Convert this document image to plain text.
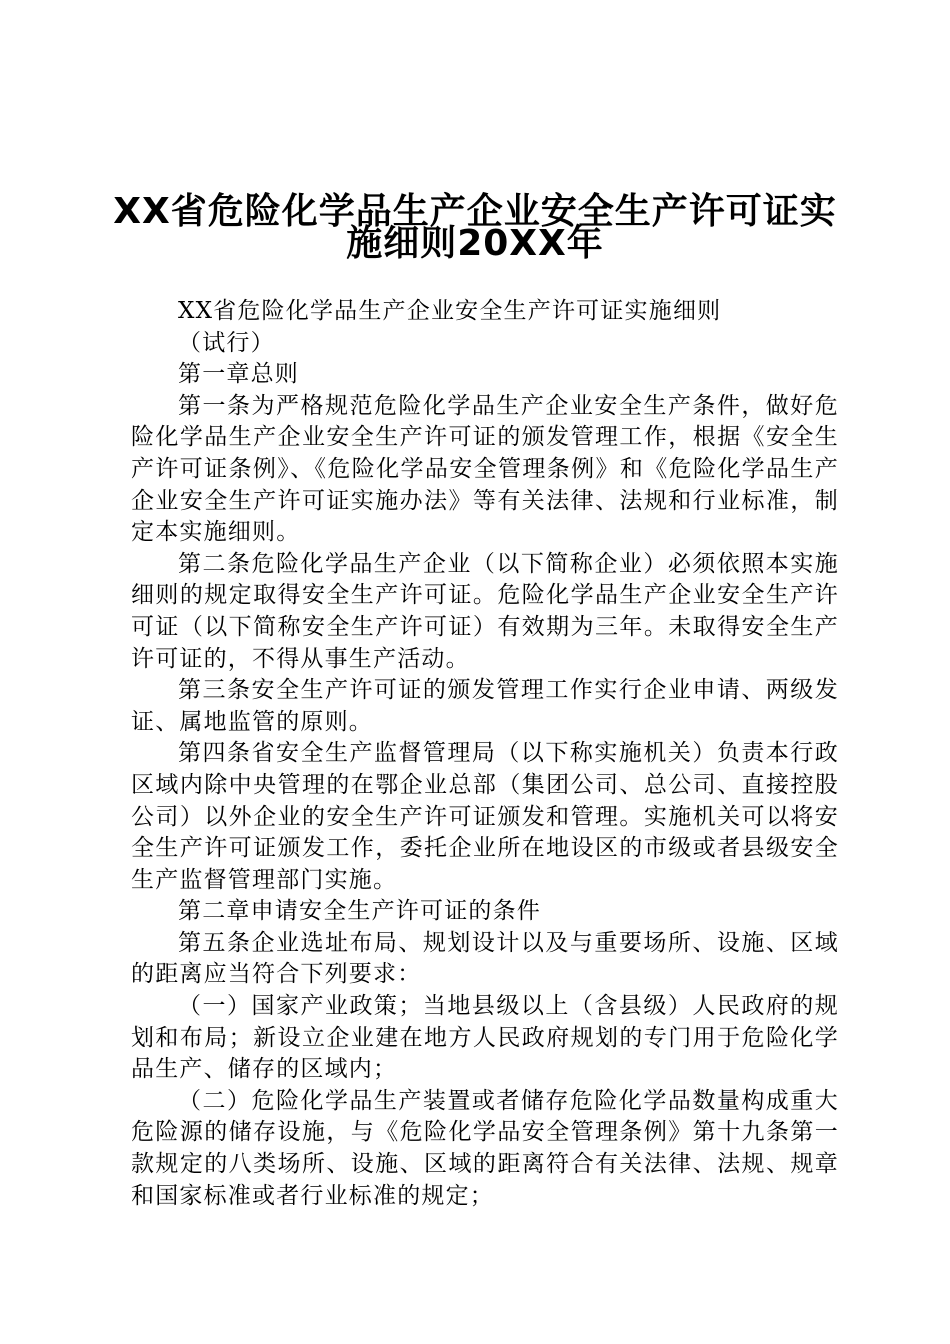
XX省危险化学品生产企业安全生产许可证实
施细则20XX年

XX省危险化学品生产企业安全生产许可证实施细则

（试行）

第一章总则

第一条为严格规范危险化学品生产企业安全生产条件，做好危险化学品生产企业安全生产许可证的颁发管理工作，根据《安全生产许可证条例》、《危险化学品安全管理条例》和《危险化学品生产企业安全生产许可证实施办法》等有关法律、法规和行业标准，制定本实施细则。

第二条危险化学品生产企业（以下简称企业）必须依照本实施细则的规定取得安全生产许可证。危险化学品生产企业安全生产许可证（以下简称安全生产许可证）有效期为三年。未取得安全生产许可证的，不得从事生产活动。

第三条安全生产许可证的颁发管理工作实行企业申请、两级发证、属地监管的原则。

第四条省安全生产监督管理局（以下称实施机关）负责本行政区域内除中央管理的在鄂企业总部（集团公司、总公司、直接控股公司）以外企业的安全生产许可证颁发和管理。实施机关可以将安全生产许可证颁发工作，委托企业所在地设区的市级或者县级安全生产监督管理部门实施。

第二章申请安全生产许可证的条件

第五条企业选址布局、规划设计以及与重要场所、设施、区域的距离应当符合下列要求：

（一）国家产业政策；当地县级以上（含县级）人民政府的规划和布局；新设立企业建在地方人民政府规划的专门用于危险化学品生产、储存的区域内；

（二）危险化学品生产装置或者储存危险化学品数量构成重大危险源的储存设施，与《危险化学品安全管理条例》第十九条第一款规定的八类场所、设施、区域的距离符合有关法律、法规、规章和国家标准或者行业标准的规定；
